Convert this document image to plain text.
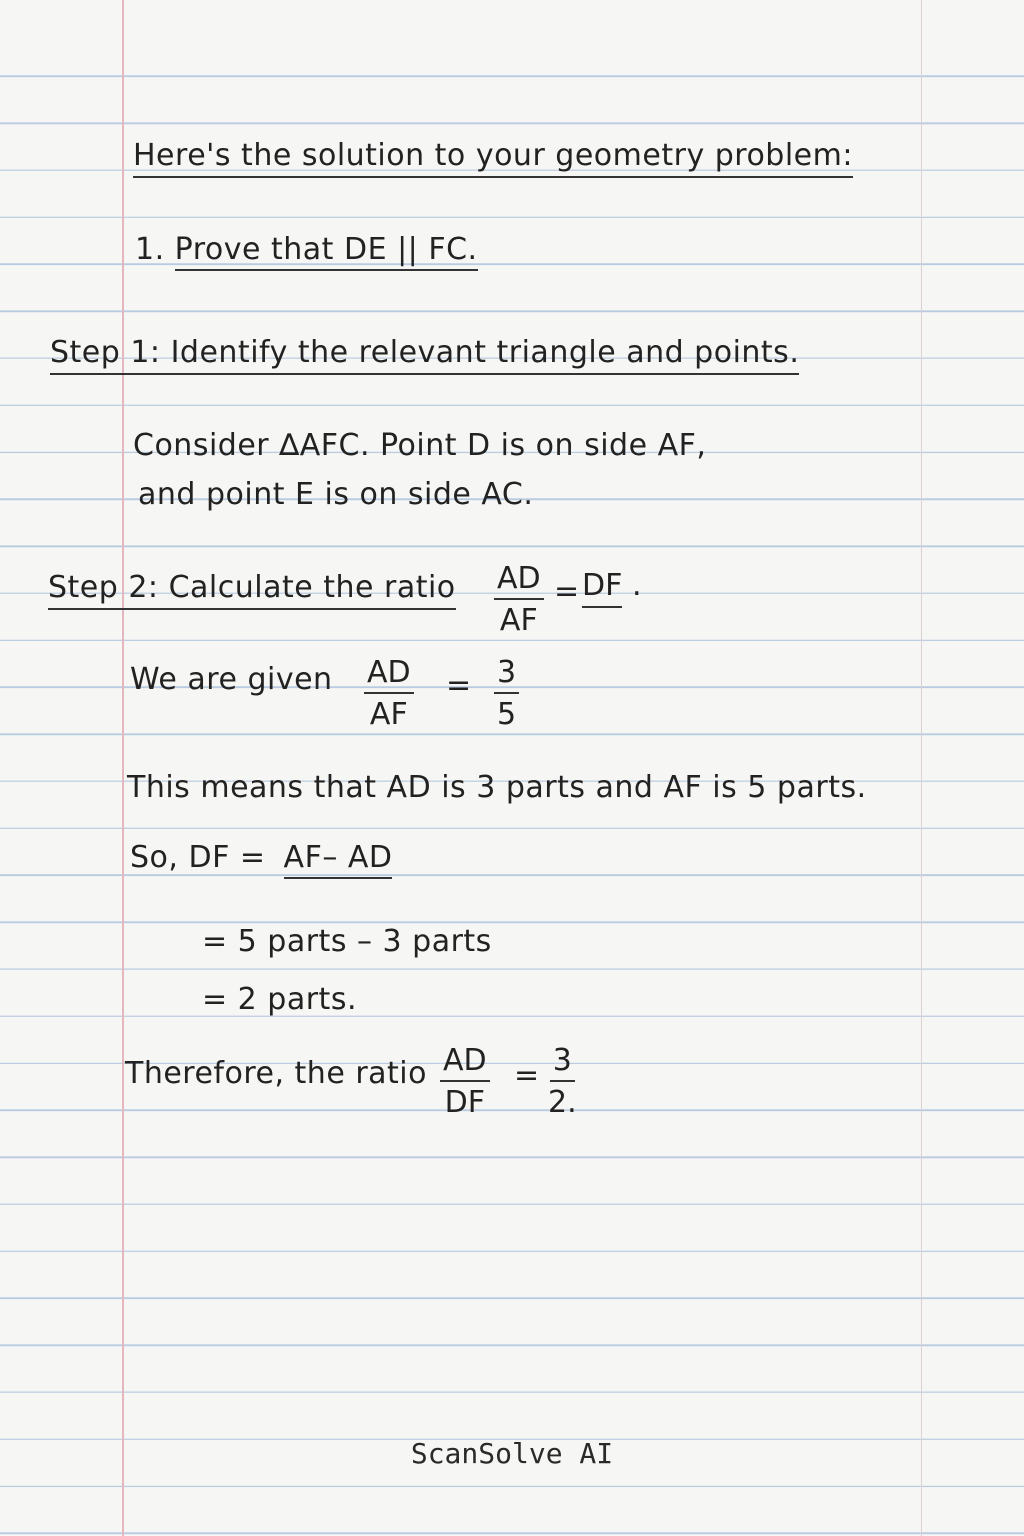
Here's the solution to your geometry problem:
1. Prove that DE || FC.
Step 1: Identify the relevant triangle and points.
Consider ∆AFC. Point D is on side AF,
and point E is on side AC.
Step 2: Calculate the ratio $\frac{AD}{AF}$ = DF .
We are given $\frac{AD}{AF} = \frac{3}{5}$
This means that AD is 3 parts and AF is 5 parts.
So, DF = AF– AD
= 5 parts – 3 parts
= 2 parts.
Therefore, the ratio $\frac{AD}{DF} = \frac{3}{2.}$
ScanSolve AI
